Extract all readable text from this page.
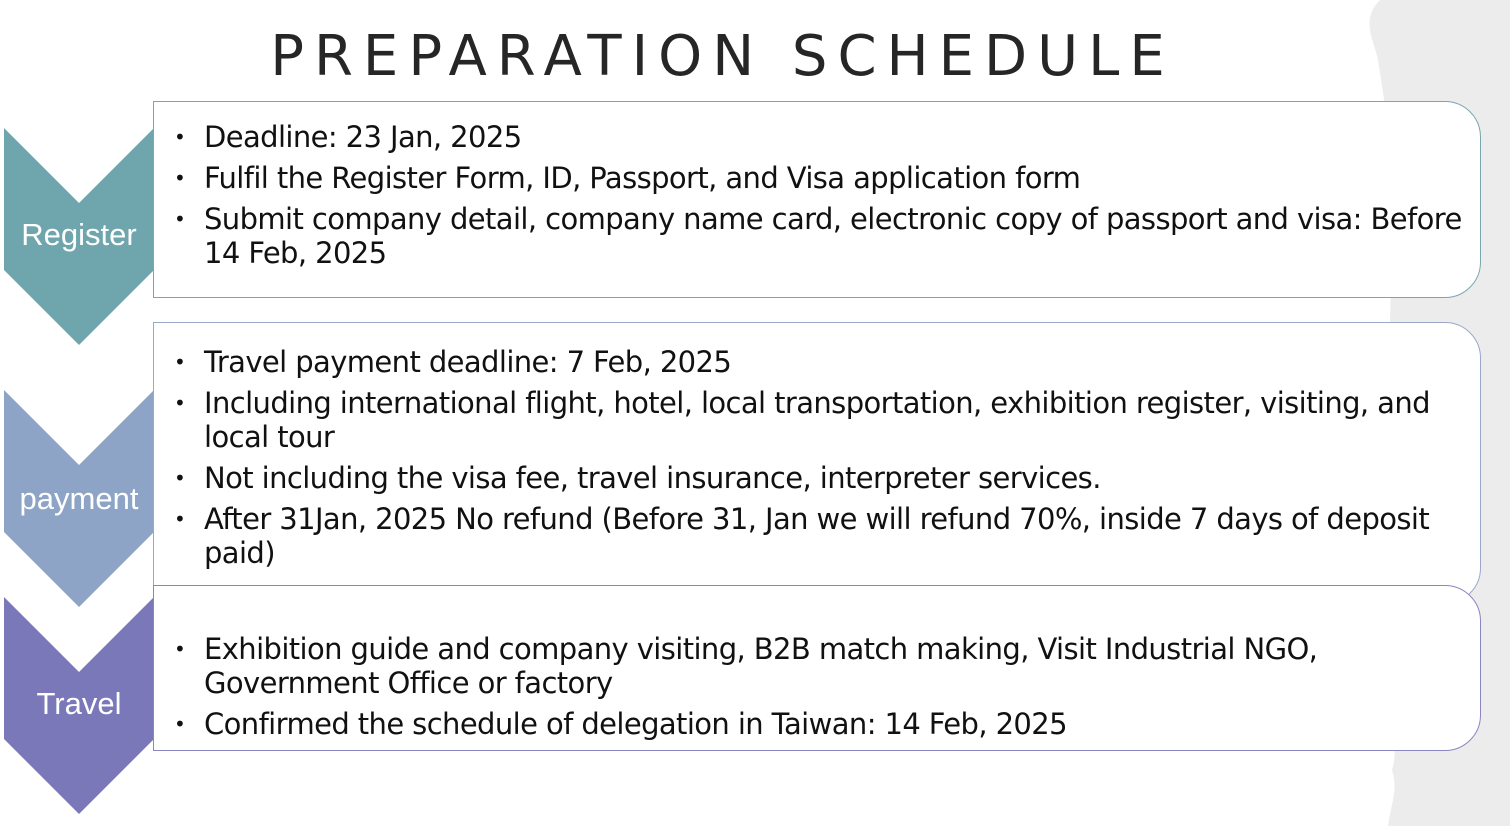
PREPARATION SCHEDULE
Register
• Deadline: 23 Jan, 2025
• Fulfil the Register Form, ID, Passport, and Visa application form
• Submit company detail, company name card, electronic copy of passport and visa: Before 14 Feb, 2025
payment
• Travel payment deadline: 7 Feb, 2025
• Including international flight, hotel, local transportation, exhibition register, visiting, and local tour
• Not including the visa fee, travel insurance, interpreter services.
• After 31Jan, 2025 No refund (Before 31, Jan we will refund 70%, inside 7 days of deposit paid)
Travel
• Exhibition guide and company visiting, B2B match making, Visit Industrial NGO, Government Office or factory
• Confirmed the schedule of delegation in Taiwan: 14 Feb, 2025
